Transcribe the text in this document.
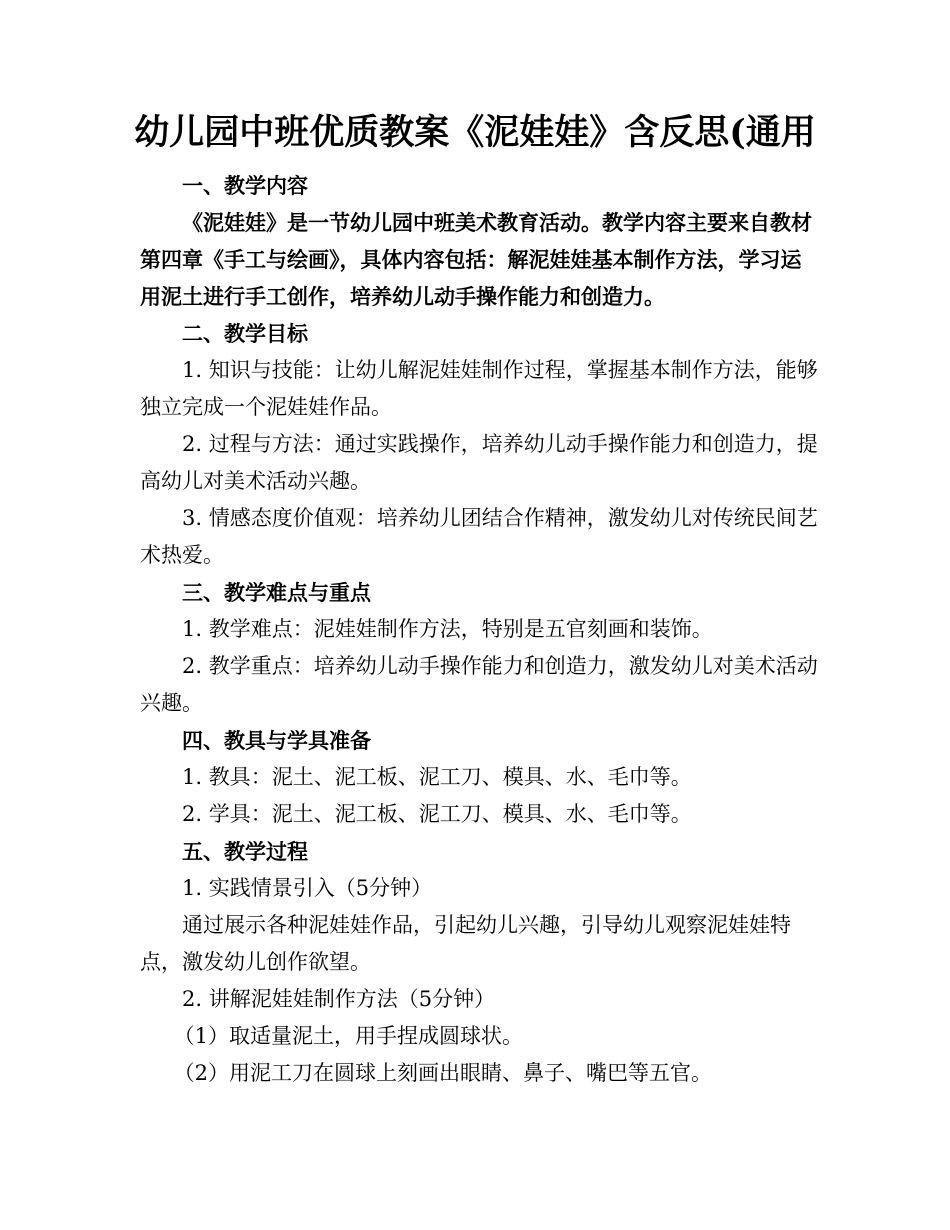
幼儿园中班优质教案《泥娃娃》含反思(通用

一、教学内容

《泥娃娃》是一节幼儿园中班美术教育活动。教学内容主要来自教材第四章《手工与绘画》，具体内容包括：解泥娃娃基本制作方法，学习运用泥土进行手工创作，培养幼儿动手操作能力和创造力。

二、教学目标

1. 知识与技能：让幼儿解泥娃娃制作过程，掌握基本制作方法，能够独立完成一个泥娃娃作品。

2. 过程与方法：通过实践操作，培养幼儿动手操作能力和创造力，提高幼儿对美术活动兴趣。

3. 情感态度价值观：培养幼儿团结合作精神，激发幼儿对传统民间艺术热爱。

三、教学难点与重点

1. 教学难点：泥娃娃制作方法，特别是五官刻画和装饰。

2. 教学重点：培养幼儿动手操作能力和创造力，激发幼儿对美术活动兴趣。

四、教具与学具准备

1. 教具：泥土、泥工板、泥工刀、模具、水、毛巾等。

2. 学具：泥土、泥工板、泥工刀、模具、水、毛巾等。

五、教学过程

1. 实践情景引入（5分钟）

通过展示各种泥娃娃作品，引起幼儿兴趣，引导幼儿观察泥娃娃特点，激发幼儿创作欲望。

2. 讲解泥娃娃制作方法（5分钟）

（1）取适量泥土，用手捏成圆球状。

（2）用泥工刀在圆球上刻画出眼睛、鼻子、嘴巴等五官。
